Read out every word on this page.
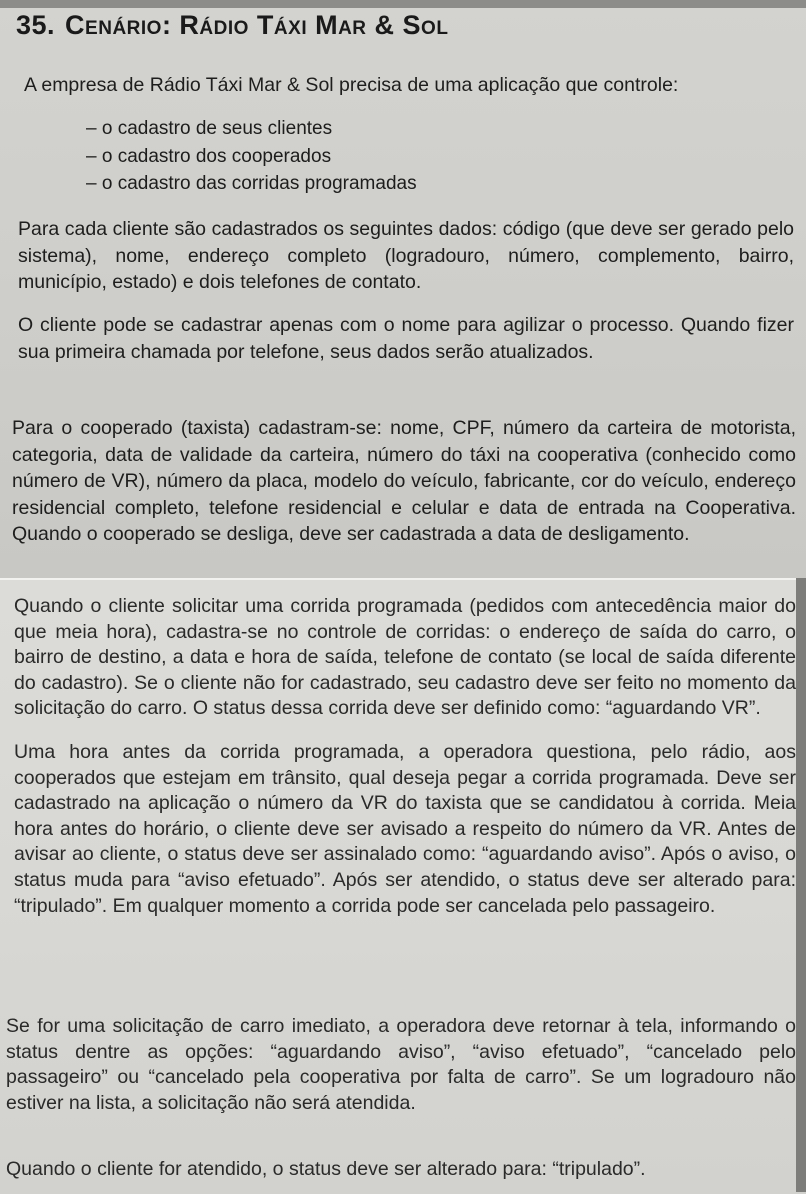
35. Cenário: Rádio Táxi Mar & Sol

A empresa de Rádio Táxi Mar & Sol precisa de uma aplicação que controle:

– o cadastro de seus clientes
– o cadastro dos cooperados
– o cadastro das corridas programadas

Para cada cliente são cadastrados os seguintes dados: código (que deve ser gerado pelo sistema), nome, endereço completo (logradouro, número, complemento, bairro, município, estado) e dois telefones de contato.

O cliente pode se cadastrar apenas com o nome para agilizar o processo. Quando fizer sua primeira chamada por telefone, seus dados serão atualizados.

Para o cooperado (taxista) cadastram-se: nome, CPF, número da carteira de motorista, categoria, data de validade da carteira, número do táxi na cooperativa (conhecido como número de VR), número da placa, modelo do veículo, fabricante, cor do veículo, endereço residencial completo, telefone residencial e celular e data de entrada na Cooperativa. Quando o cooperado se desliga, deve ser cadastrada a data de desligamento.

Quando o cliente solicitar uma corrida programada (pedidos com antecedência maior do que meia hora), cadastra-se no controle de corridas: o endereço de saída do carro, o bairro de destino, a data e hora de saída, telefone de contato (se local de saída diferente do cadastro). Se o cliente não for cadastrado, seu cadastro deve ser feito no momento da solicitação do carro. O status dessa corrida deve ser definido como: “aguardando VR”.

Uma hora antes da corrida programada, a operadora questiona, pelo rádio, aos cooperados que estejam em trânsito, qual deseja pegar a corrida programada. Deve ser cadastrado na aplicação o número da VR do taxista que se candidatou à corrida. Meia hora antes do horário, o cliente deve ser avisado a respeito do número da VR. Antes de avisar ao cliente, o status deve ser assinalado como: “aguardando aviso”. Após o aviso, o status muda para “aviso efetuado”. Após ser atendido, o status deve ser alterado para: “tripulado”. Em qualquer momento a corrida pode ser cancelada pelo passageiro.

Se for uma solicitação de carro imediato, a operadora deve retornar à tela, informando o status dentre as opções: “aguardando aviso”, “aviso efetuado”, “cancelado pelo passageiro” ou “cancelado pela cooperativa por falta de carro”. Se um logradouro não estiver na lista, a solicitação não será atendida.

Quando o cliente for atendido, o status deve ser alterado para: “tripulado”.
